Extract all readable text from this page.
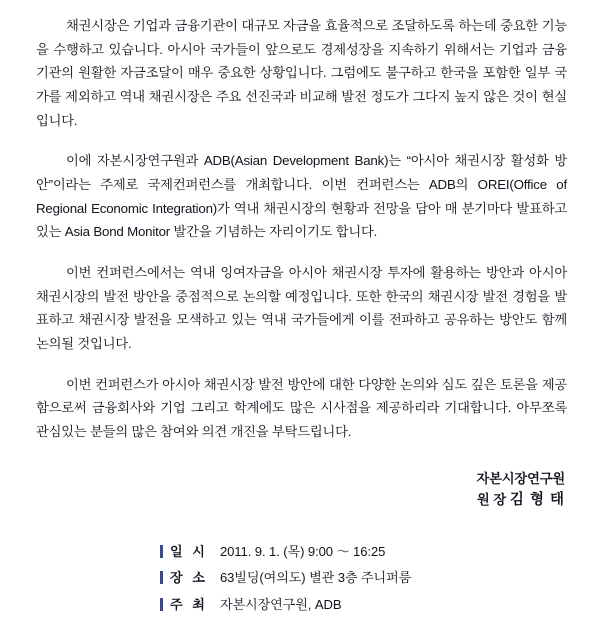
채권시장은 기업과 금융기관이 대규모 자금을 효율적으로 조달하도록 하는데 중요한 기능을 수행하고 있습니다. 아시아 국가들이 앞으로도 경제성장을 지속하기 위해서는 기업과 금융기관의 원활한 자금조달이 매우 중요한 상황입니다. 그럼에도 불구하고 한국을 포함한 일부 국가를 제외하고 역내 채권시장은 주요 선진국과 비교해 발전 정도가 그다지 높지 않은 것이 현실입니다.

이에 자본시장연구원과 ADB(Asian Development Bank)는 “아시아 채권시장 활성화 방안”이라는 주제로 국제컨퍼런스를 개최합니다. 이번 컨퍼런스는 ADB의 OREI(Office of Regional Economic Integration)가 역내 채권시장의 현황과 전망을 담아 매 분기마다 발표하고 있는 Asia Bond Monitor 발간을 기념하는 자리이기도 합니다.

이번 컨퍼런스에서는 역내 잉여자금을 아시아 채권시장 투자에 활용하는 방안과 아시아 채권시장의 발전 방안을 중점적으로 논의할 예정입니다. 또한 한국의 채권시장 발전 경험을 발표하고 채권시장 발전을 모색하고 있는 역내 국가들에게 이를 전파하고 공유하는 방안도 함께 논의될 것입니다.

이번 컨퍼런스가 아시아 채권시장 발전 방안에 대한 다양한 논의와 심도 깊은 토론을 제공함으로써 금융회사와 기업 그리고 학계에도 많은 시사점을 제공하리라 기대합니다. 아무쪼록 관심있는 분들의 많은 참여와 의견 개진을 부탁드립니다.

자본시장연구원
원 장 김 형 태
일 시 2011. 9. 1. (목) 9:00 ～ 16:25
장 소 63빌딩(여의도) 별관 3층 주니퍼룸
주 최 자본시장연구원, ADB
